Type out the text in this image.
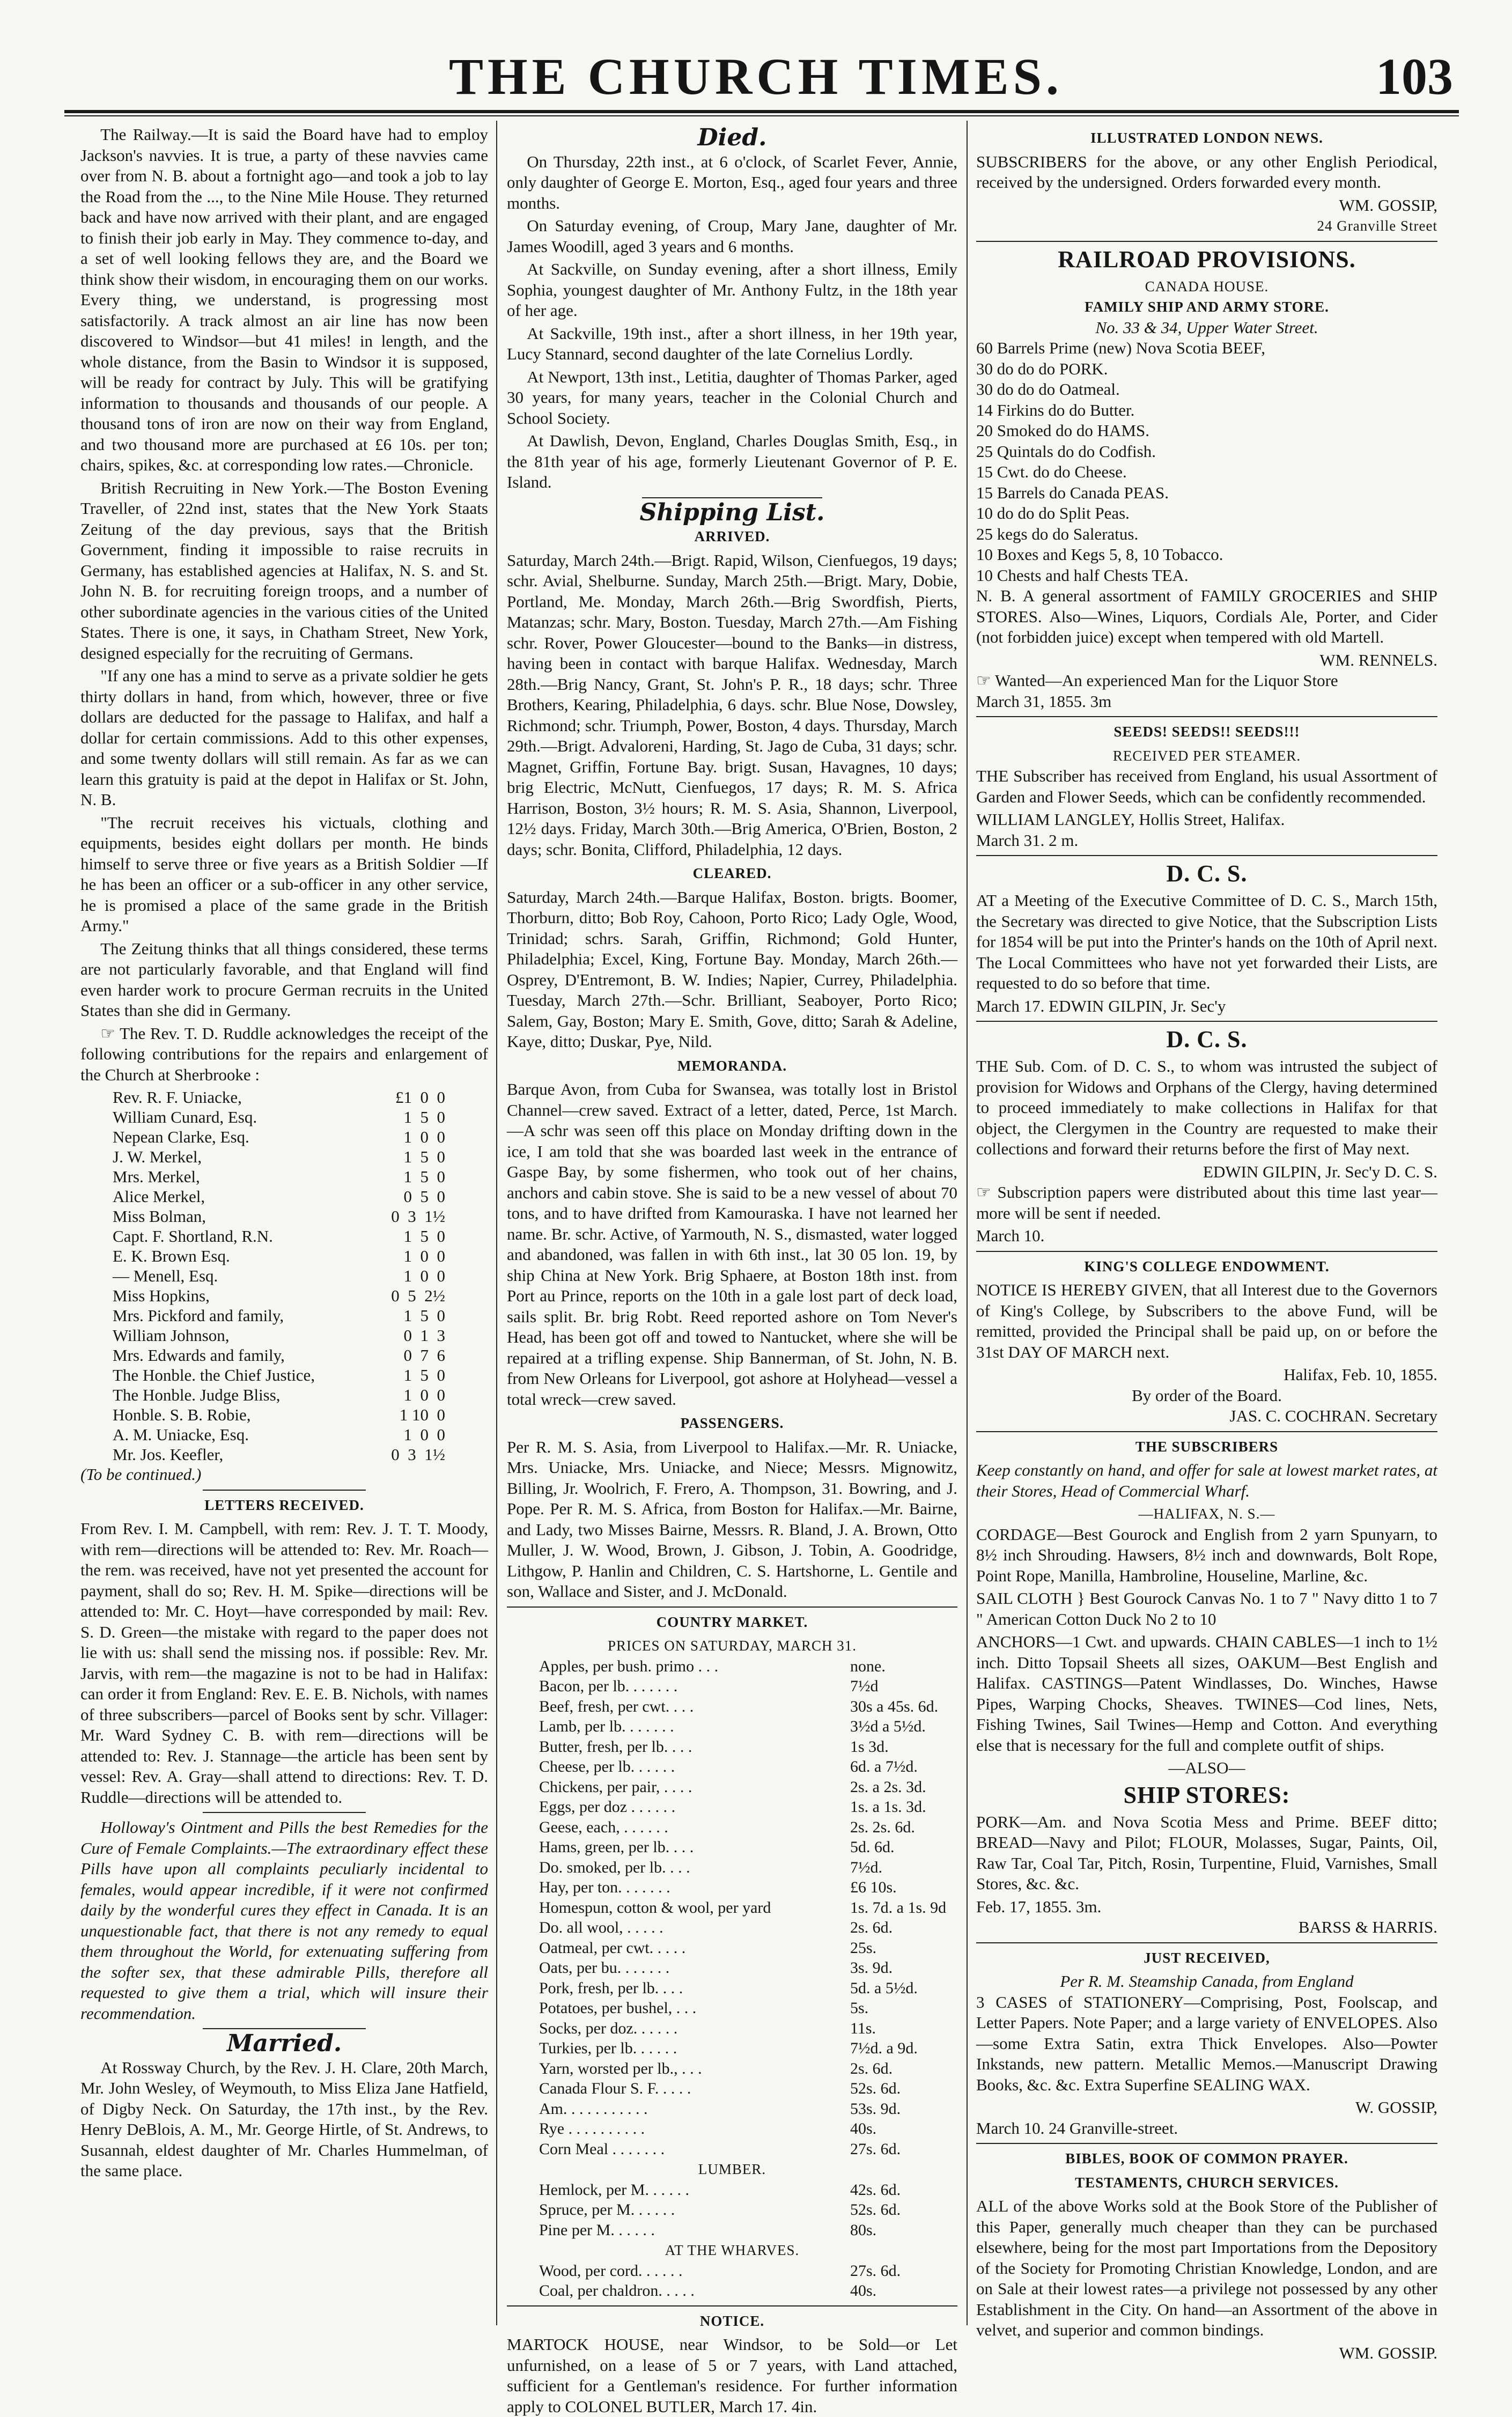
THE CHURCH TIMES.	103

The Railway.—It is said the Board have had to employ Jackson's navvies. It is true, a party of these navvies came over from N. B. about a fortnight ago—and took a job to lay the Road from the ..., to the Nine Mile House. They returned back and have now arrived with their plant, and are engaged to finish their job early in May. They commence to-day, and a set of well looking fellows they are, and the Board we think show their wisdom, in encouraging them on our works. Every thing, we understand, is progressing most satisfactorily. A track almost an air line has now been discovered to Windsor—but 41 miles! in length, and the whole distance, from the Basin to Windsor it is supposed, will be ready for contract by July. This will be gratifying information to thousands and thousands of our people. A thousand tons of iron are now on their way from England, and two thousand more are purchased at £6 10s. per ton; chairs, spikes, &c. at corresponding low rates.—Chronicle.

British Recruiting in New York.—The Boston Evening Traveller, of 22nd inst, states that the New York Staats Zeitung of the day previous, says that the British Government, finding it impossible to raise recruits in Germany, has established agencies at Halifax, N. S. and St. John N. B. for recruiting foreign troops, and a number of other subordinate agencies in the various cities of the United States. There is one, it says, in Chatham Street, New York, designed especially for the recruiting of Germans.

"If any one has a mind to serve as a private soldier he gets thirty dollars in hand, from which, however, three or five dollars are deducted for the passage to Halifax, and half a dollar for certain commissions. Add to this other expenses, and some twenty dollars will still remain. As far as we can learn this gratuity is paid at the depot in Halifax or St. John, N. B.

"The recruit receives his victuals, clothing and equipments, besides eight dollars per month. He binds himself to serve three or five years as a British Soldier —If he has been an officer or a sub-officer in any other service, he is promised a place of the same grade in the British Army."

The Zeitung thinks that all things considered, these terms are not particularly favorable, and that England will find even harder work to procure German recruits in the United States than she did in Germany.

☞ The Rev. T. D. Ruddle acknowledges the receipt of the following contributions for the repairs and enlargement of the Church at Sherbrooke :

Rev. R. F. Uniacke,	£1  0  0
William Cunard, Esq.	1  5  0
Nepean Clarke, Esq.	1  0  0
J. W. Merkel,	1  5  0
Mrs. Merkel,	1  5  0
Alice Merkel,	0  5  0
Miss Bolman,	0  3  1½
Capt. F. Shortland, R.N.	1  5  0
E. K. Brown Esq.	1  0  0
— Menell, Esq.	1  0  0
Miss Hopkins,	0  5  2½
Mrs. Pickford and family,	1  5  0
William Johnson,	0  1  3
Mrs. Edwards and family,	0  7  6
The Honble. the Chief Justice,	1  5  0
The Honble. Judge Bliss,	1  0  0
Honble. S. B. Robie,	1 10  0
A. M. Uniacke, Esq.	1  0  0
Mr. Jos. Keefler,	0  3  1½

(To be continued.)

LETTERS RECEIVED.

From Rev. I. M. Campbell, with rem: Rev. J. T. T. Moody, with rem—directions will be attended to: Rev. Mr. Roach—the rem. was received, have not yet presented the account for payment, shall do so; Rev. H. M. Spike—directions will be attended to: Mr. C. Hoyt—have corresponded by mail: Rev. S. D. Green—the mistake with regard to the paper does not lie with us: shall send the missing nos. if possible: Rev. Mr. Jarvis, with rem—the magazine is not to be had in Halifax: can order it from England: Rev. E. E. B. Nichols, with names of three subscribers—parcel of Books sent by schr. Villager: Mr. Ward Sydney C. B. with rem—directions will be attended to: Rev. J. Stannage—the article has been sent by vessel: Rev. A. Gray—shall attend to directions: Rev. T. D. Ruddle—directions will be attended to.

Holloway's Ointment and Pills the best Remedies for the Cure of Female Complaints.—The extraordinary effect these Pills have upon all complaints peculiarly incidental to females, would appear incredible, if it were not confirmed daily by the wonderful cures they effect in Canada. It is an unquestionable fact, that there is not any remedy to equal them throughout the World, for extenuating suffering from the softer sex, that these admirable Pills, therefore all requested to give them a trial, which will insure their recommendation.

Married.

At Rossway Church, by the Rev. J. H. Clare, 20th March, Mr. John Wesley, of Weymouth, to Miss Eliza Jane Hatfield, of Digby Neck. On Saturday, the 17th inst., by the Rev. Henry DeBlois, A. M., Mr. George Hirtle, of St. Andrews, to Susannah, eldest daughter of Mr. Charles Hummelman, of the same place.

Died.

On Thursday, 22th inst., at 6 o'clock, of Scarlet Fever, Annie, only daughter of George E. Morton, Esq., aged four years and three months.

On Saturday evening, of Croup, Mary Jane, daughter of Mr. James Woodill, aged 3 years and 6 months.

At Sackville, on Sunday evening, after a short illness, Emily Sophia, youngest daughter of Mr. Anthony Fultz, in the 18th year of her age.

At Sackville, 19th inst., after a short illness, in her 19th year, Lucy Stannard, second daughter of the late Cornelius Lordly.

At Newport, 13th inst., Letitia, daughter of Thomas Parker, aged 30 years, for many years, teacher in the Colonial Church and School Society.

At Dawlish, Devon, England, Charles Douglas Smith, Esq., in the 81th year of his age, formerly Lieutenant Governor of P. E. Island.

Shipping List.
ARRIVED.

Saturday, March 24th.—Brigt. Rapid, Wilson, Cienfuegos, 19 days; schr. Avial, Shelburne. Sunday, March 25th.—Brigt. Mary, Dobie, Portland, Me. Monday, March 26th.—Brig Swordfish, Pierts, Matanzas; schr. Mary, Boston. Tuesday, March 27th.—Am Fishing schr. Rover, Power Gloucester—bound to the Banks—in distress, having been in contact with barque Halifax. Wednesday, March 28th.—Brig Nancy, Grant, St. John's P. R., 18 days; schr. Three Brothers, Kearing, Philadelphia, 6 days. schr. Blue Nose, Dowsley, Richmond; schr. Triumph, Power, Boston, 4 days. Thursday, March 29th.—Brigt. Advaloreni, Harding, St. Jago de Cuba, 31 days; schr. Magnet, Griffin, Fortune Bay. brigt. Susan, Havagnes, 10 days; brig Electric, McNutt, Cienfuegos, 17 days; R. M. S. Africa Harrison, Boston, 3½ hours; R. M. S. Asia, Shannon, Liverpool, 12½ days. Friday, March 30th.—Brig America, O'Brien, Boston, 2 days; schr. Bonita, Clifford, Philadelphia, 12 days.

CLEARED.

Saturday, March 24th.—Barque Halifax, Boston. brigts. Boomer, Thorburn, ditto; Bob Roy, Cahoon, Porto Rico; Lady Ogle, Wood, Trinidad; schrs. Sarah, Griffin, Richmond; Gold Hunter, Philadelphia; Excel, King, Fortune Bay. Monday, March 26th.—Osprey, D'Entremont, B. W. Indies; Napier, Currey, Philadelphia. Tuesday, March 27th.—Schr. Brilliant, Seaboyer, Porto Rico; Salem, Gay, Boston; Mary E. Smith, Gove, ditto; Sarah & Adeline, Kaye, ditto; Duskar, Pye, Nild.

MEMORANDA.

Barque Avon, from Cuba for Swansea, was totally lost in Bristol Channel—crew saved. Extract of a letter, dated, Perce, 1st March.—A schr was seen off this place on Monday drifting down in the ice, I am told that she was boarded last week in the entrance of Gaspe Bay, by some fishermen, who took out of her chains, anchors and cabin stove. She is said to be a new vessel of about 70 tons, and to have drifted from Kamouraska. I have not learned her name. Br. schr. Active, of Yarmouth, N. S., dismasted, water logged and abandoned, was fallen in with 6th inst., lat 30 05 lon. 19, by ship China at New York. Brig Sphaere, at Boston 18th inst. from Port au Prince, reports on the 10th in a gale lost part of deck load, sails split. Br. brig Robt. Reed reported ashore on Tom Never's Head, has been got off and towed to Nantucket, where she will be repaired at a trifling expense. Ship Bannerman, of St. John, N. B. from New Orleans for Liverpool, got ashore at Holyhead—vessel a total wreck—crew saved.

PASSENGERS.

Per R. M. S. Asia, from Liverpool to Halifax.—Mr. R. Uniacke, Mrs. Uniacke, Mrs. Uniacke, and Niece; Messrs. Mignowitz, Billing, Jr. Woolrich, F. Frero, A. Thompson, 31. Bowring, and J. Pope. Per R. M. S. Africa, from Boston for Halifax.—Mr. Bairne, and Lady, two Misses Bairne, Messrs. R. Bland, J. A. Brown, Otto Muller, J. W. Wood, Brown, J. Gibson, J. Tobin, A. Goodridge, Lithgow, P. Hanlin and Children, C. S. Hartshorne, L. Gentile and son, Wallace and Sister, and J. McDonald.

COUNTRY MARKET.
PRICES ON SATURDAY, MARCH 31.
Apples, per bush. primo . . .	none.
Bacon, per lb. . . . . . .	7½d
Beef, fresh, per cwt. . . .	30s a 45s. 6d.
Lamb, per lb. . . . . . .	3½d a 5½d.
Butter, fresh, per lb. . . .	1s 3d.
Cheese, per lb. . . . . .	6d. a 7½d.
Chickens, per pair, . . . .	2s. a 2s. 3d.
Eggs, per doz . . . . . .	1s. a 1s. 3d.
Geese, each, . . . . . .	2s. 2s. 6d.
Hams, green, per lb. . . .	5d. 6d.
Do. smoked, per lb. . . .	7½d.
Hay, per ton. . . . . . .	£6 10s.
Homespun, cotton & wool, per yard	1s. 7d. a 1s. 9d
Do. all wool, . . . . .	2s. 6d.
Oatmeal, per cwt. . . . .	25s.
Oats, per bu. . . . . . .	3s. 9d.
Pork, fresh, per lb. . . .	5d. a 5½d.
Potatoes, per bushel, . . .	5s.
Socks, per doz. . . . . .	11s.
Turkies, per lb. . . . . .	7½d. a 9d.
Yarn, worsted per lb., . . .	2s. 6d.
Canada Flour S. F. . . . .	52s. 6d.
Am. . . . . . . . . . .	53s. 9d.
Rye . . . . . . . . . .	40s.
Corn Meal . . . . . . .	27s. 6d.
LUMBER.
Hemlock, per M. . . . . .	42s. 6d.
Spruce, per M. . . . . .	52s. 6d.
Pine per M. . . . . .	80s.
AT THE WHARVES.
Wood, per cord. . . . . .	27s. 6d.
Coal, per chaldron. . . . .	40s.
NOTICE.

MARTOCK HOUSE, near Windsor, to be Sold—or Let unfurnished, on a lease of 5 or 7 years, with Land attached, sufficient for a Gentleman's residence. For further information apply to COLONEL BUTLER, March 17. 4in.

ILLUSTRATED LONDON NEWS.

SUBSCRIBERS for the above, or any other English Periodical, received by the undersigned. Orders forwarded every month.

WM. GOSSIP,
24 Granville Street
RAILROAD PROVISIONS.
CANADA HOUSE.
FAMILY SHIP AND ARMY STORE.
No. 33 & 34, Upper Water Street.
60 Barrels Prime (new) Nova Scotia BEEF,
30 do do do PORK.
30 do do do Oatmeal.
14 Firkins do do Butter.
20 Smoked do do HAMS.
25 Quintals do do Codfish.
15 Cwt. do do Cheese.
15 Barrels do Canada PEAS.
10 do do do Split Peas.
25 kegs do do Saleratus.
10 Boxes and Kegs 5, 8, 10 Tobacco.
10 Chests and half Chests TEA.

N. B. A general assortment of FAMILY GROCERIES and SHIP STORES. Also—Wines, Liquors, Cordials Ale, Porter, and Cider (not forbidden juice) except when tempered with old Martell.

WM. RENNELS.
☞ Wanted—An experienced Man for the Liquor Store
March 31, 1855. 3m
SEEDS! SEEDS!! SEEDS!!!
RECEIVED PER STEAMER.

THE Subscriber has received from England, his usual Assortment of Garden and Flower Seeds, which can be confidently recommended.

WILLIAM LANGLEY, Hollis Street, Halifax.
March 31. 2 m.
D. C. S.

AT a Meeting of the Executive Committee of D. C. S., March 15th, the Secretary was directed to give Notice, that the Subscription Lists for 1854 will be put into the Printer's hands on the 10th of April next. The Local Committees who have not yet forwarded their Lists, are requested to do so before that time.

March 17. EDWIN GILPIN, Jr. Sec'y
D. C. S.

THE Sub. Com. of D. C. S., to whom was intrusted the subject of provision for Widows and Orphans of the Clergy, having determined to proceed immediately to make collections in Halifax for that object, the Clergymen in the Country are requested to make their collections and forward their returns before the first of May next.

EDWIN GILPIN, Jr. Sec'y D. C. S.

☞ Subscription papers were distributed about this time last year—more will be sent if needed.

March 10.
KING'S COLLEGE ENDOWMENT.

NOTICE IS HEREBY GIVEN, that all Interest due to the Governors of King's College, by Subscribers to the above Fund, will be remitted, provided the Principal shall be paid up, on or before the 31st DAY OF MARCH next.

Halifax, Feb. 10, 1855.
By order of the Board.
JAS. C. COCHRAN. Secretary
THE SUBSCRIBERS

Keep constantly on hand, and offer for sale at lowest market rates, at their Stores, Head of Commercial Wharf.

—HALIFAX, N. S.—

CORDAGE—Best Gourock and English from 2 yarn Spunyarn, to 8½ inch Shrouding. Hawsers, 8½ inch and downwards, Bolt Rope, Point Rope, Manilla, Hambroline, Houseline, Marline, &c.

SAIL CLOTH } Best Gourock Canvas No. 1 to 7 " Navy ditto 1 to 7 " American Cotton Duck No 2 to 10

ANCHORS—1 Cwt. and upwards. CHAIN CABLES—1 inch to 1½ inch. Ditto Topsail Sheets all sizes, OAKUM—Best English and Halifax. CASTINGS—Patent Windlasses, Do. Winches, Hawse Pipes, Warping Chocks, Sheaves. TWINES—Cod lines, Nets, Fishing Twines, Sail Twines—Hemp and Cotton. And everything else that is necessary for the full and complete outfit of ships.

—ALSO—
SHIP STORES:

PORK—Am. and Nova Scotia Mess and Prime. BEEF ditto; BREAD—Navy and Pilot; FLOUR, Molasses, Sugar, Paints, Oil, Raw Tar, Coal Tar, Pitch, Rosin, Turpentine, Fluid, Varnishes, Small Stores, &c. &c.

Feb. 17, 1855. 3m.
BARSS & HARRIS.
JUST RECEIVED,
Per R. M. Steamship Canada, from England

3 CASES of STATIONERY—Comprising, Post, Foolscap, and Letter Papers. Note Paper; and a large variety of ENVELOPES. Also—some Extra Satin, extra Thick Envelopes. Also—Powter Inkstands, new pattern. Metallic Memos.—Manuscript Drawing Books, &c. &c. Extra Superfine SEALING WAX.

W. GOSSIP,
March 10. 24 Granville-street.
BIBLES, BOOK OF COMMON PRAYER.
TESTAMENTS, CHURCH SERVICES.

ALL of the above Works sold at the Book Store of the Publisher of this Paper, generally much cheaper than they can be purchased elsewhere, being for the most part Importations from the Depository of the Society for Promoting Christian Knowledge, London, and are on Sale at their lowest rates—a privilege not possessed by any other Establishment in the City. On hand—an Assortment of the above in velvet, and superior and common bindings.

WM. GOSSIP.
